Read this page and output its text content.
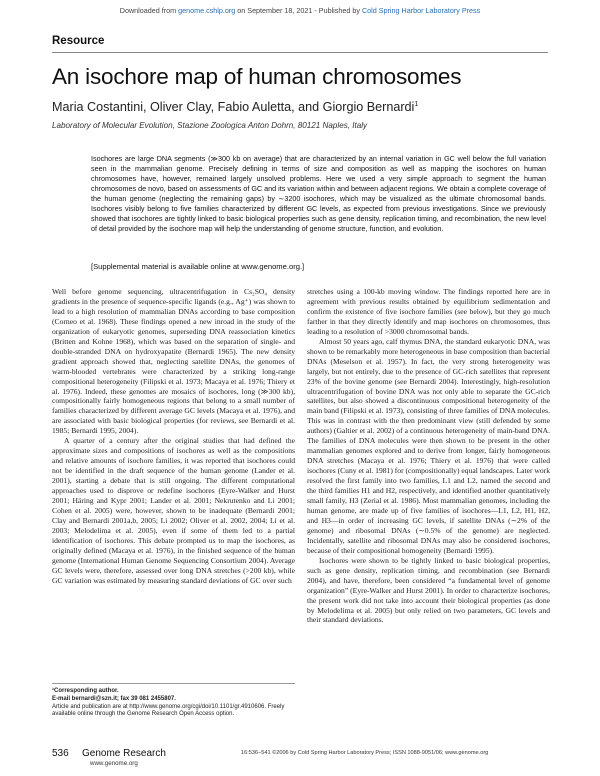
Downloaded from genome.cshlp.org on September 18, 2021 - Published by Cold Spring Harbor Laboratory Press
Resource
An isochore map of human chromosomes
Maria Costantini, Oliver Clay, Fabio Auletta, and Giorgio Bernardi$^1$
Laboratory of Molecular Evolution, Stazione Zoologica Anton Dohrn, 80121 Naples, Italy
Isochores are large DNA segments (≫300 kb on average) that are characterized by an internal variation in GC well below the full variation seen in the mammalian genome. Precisely defining in terms of size and composition as well as mapping the isochores on human chromosomes have, however, remained largely unsolved problems. Here we used a very simple approach to segment the human chromosomes de novo, based on assessments of GC and its variation within and between adjacent regions. We obtain a complete coverage of the human genome (neglecting the remaining gaps) by ∼3200 isochores, which may be visualized as the ultimate chromosomal bands. Isochores visibly belong to five families characterized by different GC levels, as expected from previous investigations. Since we previously showed that isochores are tightly linked to basic biological properties such as gene density, replication timing, and recombination, the new level of detail provided by the isochore map will help the understanding of genome structure, function, and evolution.
[Supplemental material is available online at www.genome.org.]

Well before genome sequencing, ultracentrifugation in Cs₂SO₄ density gradients in the presence of sequence-specific ligands (e.g., Ag⁺) was shown to lead to a high resolution of mammalian DNAs according to base composition (Corneo et al. 1968). These findings opened a new inroad in the study of the organization of eukaryotic genomes, superseding DNA reassociation kinetics (Britten and Kohne 1968), which was based on the separation of single- and double-stranded DNA on hydroxyapatite (Bernardi 1965). The new density gradient approach showed that, neglecting satellite DNAs, the genomes of warm-blooded vertebrates were characterized by a striking long-range compositional heterogeneity (Filipski et al. 1973; Macaya et al. 1976; Thiery et al. 1976). Indeed, these genomes are mosaics of isochores, long (≫300 kb), compositionally fairly homogeneous regions that belong to a small number of families characterized by different average GC levels (Macaya et al. 1976), and are associated with basic biological properties (for reviews, see Bernardi et al. 1985; Bernardi 1995, 2004).

A quarter of a century after the original studies that had defined the approximate sizes and compositions of isochores as well as the compositions and relative amounts of isochore families, it was reported that isochores could not be identified in the draft sequence of the human genome (Lander et al. 2001), starting a debate that is still ongoing. The different computational approaches used to disprove or redefine isochores (Eyre-Walker and Hurst 2001; Häring and Kypr 2001; Lander et al. 2001; Nekrutenko and Li 2001; Cohen et al. 2005) were, however, shown to be inadequate (Bernardi 2001; Clay and Bernardi 2001a,b, 2005; Li 2002; Oliver et al. 2002, 2004; Li et al. 2003; Melodelima et al. 2005), even if some of them led to a partial identification of isochores. This debate prompted us to map the isochores, as originally defined (Macaya et al. 1976), in the finished sequence of the human genome (International Human Genome Sequencing Consortium 2004). Average GC levels were, therefore, assessed over long DNA stretches (>200 kb), while GC variation was estimated by measuring standard deviations of GC over such

stretches using a 100-kb moving window. The findings reported here are in agreement with previous results obtained by equilibrium sedimentation and confirm the existence of five isochore families (see below), but they go much farther in that they directly identify and map isochores on chromosomes, thus leading to a resolution of >3000 chromosomal bands.

Almost 50 years ago, calf thymus DNA, the standard eukaryotic DNA, was shown to be remarkably more heterogeneous in base composition than bacterial DNAs (Meselson et al. 1957). In fact, the very strong heterogeneity was largely, but not entirely, due to the presence of GC-rich satellites that represent 23% of the bovine genome (see Bernardi 2004). Interestingly, high-resolution ultracentrifugation of bovine DNA was not only able to separate the GC-rich satellites, but also showed a discontinuous compositional heterogeneity of the main band (Filipski et al. 1973), consisting of three families of DNA molecules. This was in contrast with the then predominant view (still defended by some authors) (Galtier et al. 2002) of a continuous heterogeneity of main-band DNA. The families of DNA molecules were then shown to be present in the other mammalian genomes explored and to derive from longer, fairly homogeneous DNA stretches (Macaya et al. 1976; Thiery et al. 1976) that were called isochores (Cuny et al. 1981) for (compositionally) equal landscapes. Later work resolved the first family into two families, L1 and L2, named the second and the third families H1 and H2, respectively, and identified another quantitatively small family, H3 (Zerial et al. 1986). Most mammalian genomes, including the human genome, are made up of five families of isochores—L1, L2, H1, H2, and H3—in order of increasing GC levels, if satellite DNAs (∼2% of the genome) and ribosomal DNAs (∼0.5% of the genome) are neglected. Incidentally, satellite and ribosomal DNAs may also be considered isochores, because of their compositional homogeneity (Bernardi 1995).

Isochores were shown to be tightly linked to basic biological properties, such as gene density, replication timing, and recombination (see Bernardi 2004), and have, therefore, been considered “a fundamental level of genome organization” (Eyre-Walker and Hurst 2001). In order to characterize isochores, the present work did not take into account their biological properties (as done by Melodelima et al. 2005) but only relied on two parameters, GC levels and their standard deviations.

¹Corresponding author.
E-mail bernardi@szn.it; fax 39 081 2455807.
Article and publication are at http://www.genome.org/cgi/doi/10.1101/gr.4910606. Freely available online through the Genome Research Open Access option.
536 Genome Research
www.genome.org
16:536–541 ©2006 by Cold Spring Harbor Laboratory Press; ISSN 1088-9051/06; www.genome.org
